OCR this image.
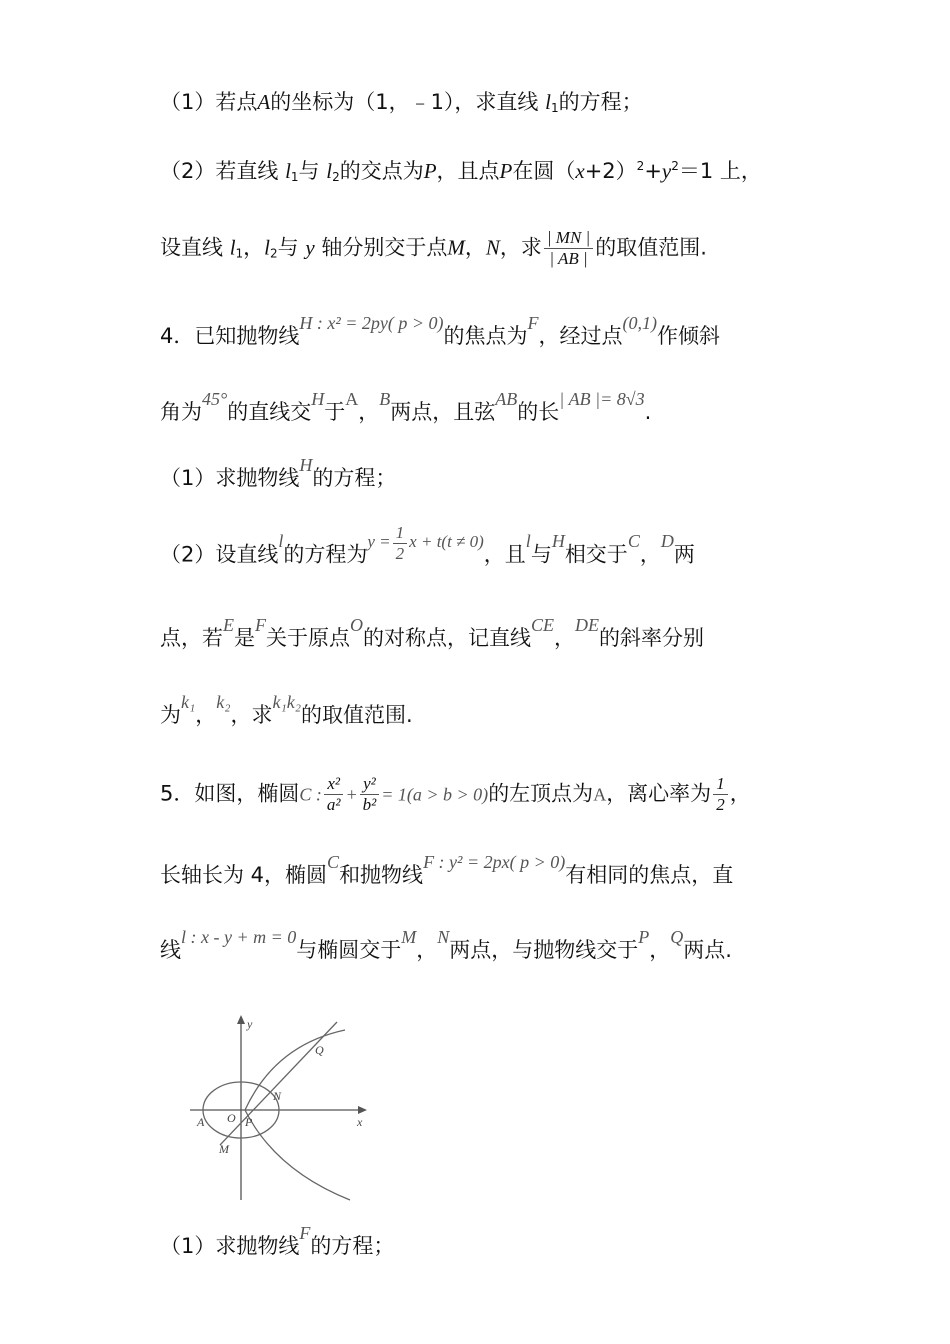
（1）若点A的坐标为（1，﹣1），求直线 $l_1$的方程；
（2）若直线 $l_1$与 $l_2$的交点为P，且点P在圆$(x+2)^2+y^2=1$ 上，
设直线 $l_1$，$l_2$与 y 轴分别交于点M，N，求 $\frac{| MN |}{| AB |}$ 的取值范围.
4．已知抛物线H : x² = 2py( p > 0)的焦点为F，经过点(0,1)作倾斜
角为45°的直线交H于A，B两点，且弦AB的长| AB |= 8√3.
（1）求抛物线H的方程；
（2）设直线l的方程为$^{y = \frac{1}{2} x + t(t \ne 0)}$，且l与H相交于C，D两
点，若E是F关于原点O的对称点，记直线CE，DE的斜率分别
为k₁，k₂，求k₁k₂的取值范围.
5．如图，椭圆C : $\frac{\text{x²}}{\text{a²}} + \frac{\text{y²}}{\text{b²}} = 1(a > b > 0)$的左顶点为A，离心率为 $\frac{1}{2}$ ，
长轴长为 4，椭圆C和抛物线F : y² = 2px( p > 0)有相同的焦点，直
线l : x - y + m = 0与椭圆交于M，N两点，与抛物线交于P，Q两点.
y
x
Q
N
A O P
M
（1）求抛物线F的方程；
